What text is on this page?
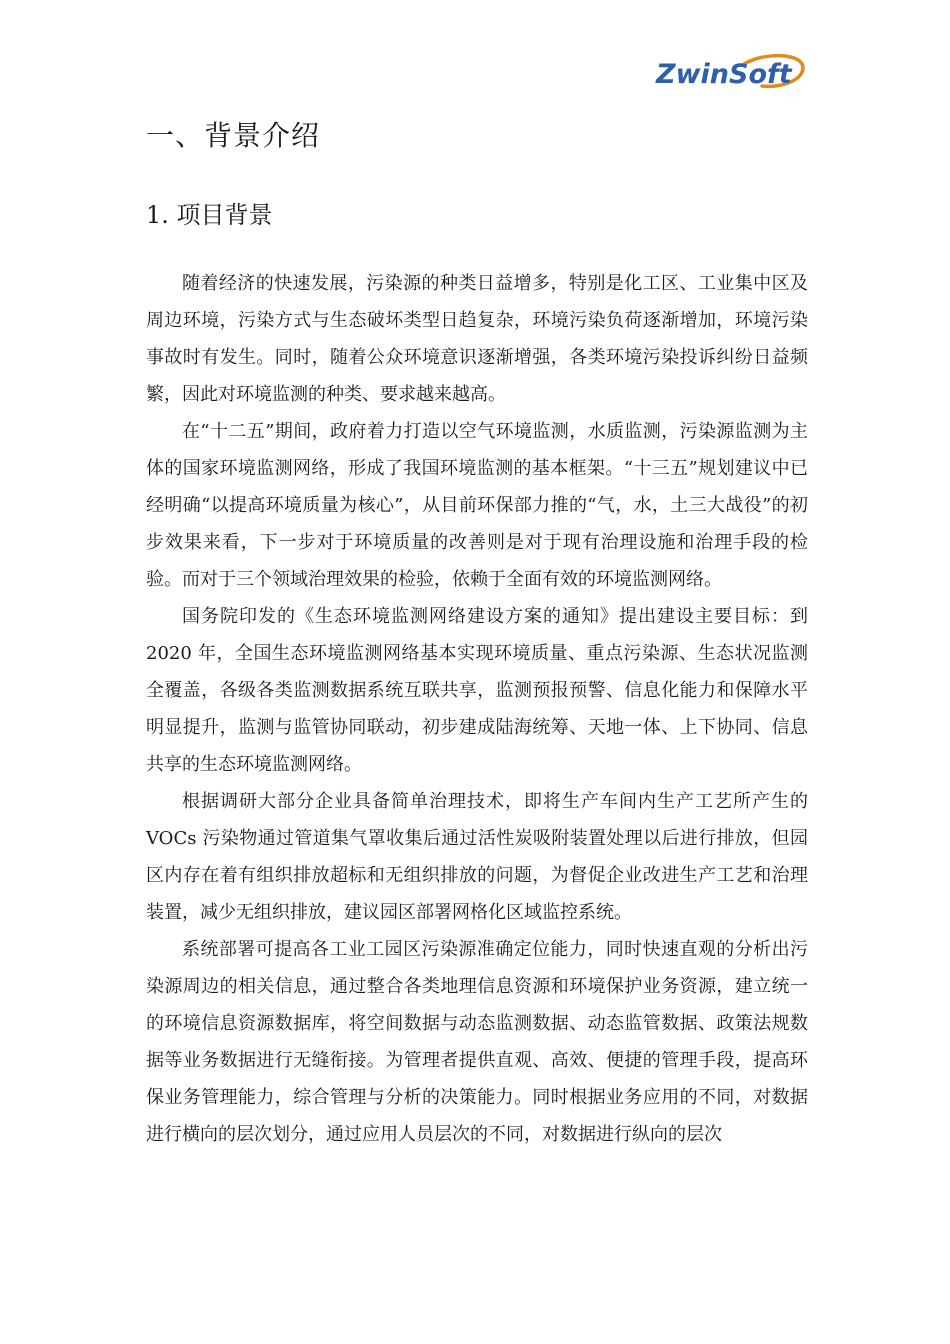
ZwinSoft
一、背景介绍
1. 项目背景

随着经济的快速发展，污染源的种类日益增多，特别是化工区、工业集中区及周边环境，污染方式与生态破坏类型日趋复杂，环境污染负荷逐渐增加，环境污染事故时有发生。同时，随着公众环境意识逐渐增强，各类环境污染投诉纠纷日益频繁，因此对环境监测的种类、要求越来越高。

在“十二五”期间，政府着力打造以空气环境监测，水质监测，污染源监测为主体的国家环境监测网络，形成了我国环境监测的基本框架。“十三五”规划建议中已经明确“以提高环境质量为核心”，从目前环保部力推的“气，水，土三大战役”的初步效果来看，下一步对于环境质量的改善则是对于现有治理设施和治理手段的检验。而对于三个领域治理效果的检验，依赖于全面有效的环境监测网络。

国务院印发的《生态环境监测网络建设方案的通知》提出建设主要目标：到 2020 年，全国生态环境监测网络基本实现环境质量、重点污染源、生态状况监测全覆盖，各级各类监测数据系统互联共享，监测预报预警、信息化能力和保障水平明显提升，监测与监管协同联动，初步建成陆海统筹、天地一体、上下协同、信息共享的生态环境监测网络。

根据调研大部分企业具备简单治理技术，即将生产车间内生产工艺所产生的 VOCs 污染物通过管道集气罩收集后通过活性炭吸附装置处理以后进行排放，但园区内存在着有组织排放超标和无组织排放的问题，为督促企业改进生产工艺和治理装置，减少无组织排放，建议园区部署网格化区域监控系统。

系统部署可提高各工业工园区污染源准确定位能力，同时快速直观的分析出污染源周边的相关信息，通过整合各类地理信息资源和环境保护业务资源，建立统一的环境信息资源数据库，将空间数据与动态监测数据、动态监管数据、政策法规数据等业务数据进行无缝衔接。为管理者提供直观、高效、便捷的管理手段，提高环保业务管理能力，综合管理与分析的决策能力。同时根据业务应用的不同，对数据进行横向的层次划分，通过应用人员层次的不同，对数据进行纵向的层次
